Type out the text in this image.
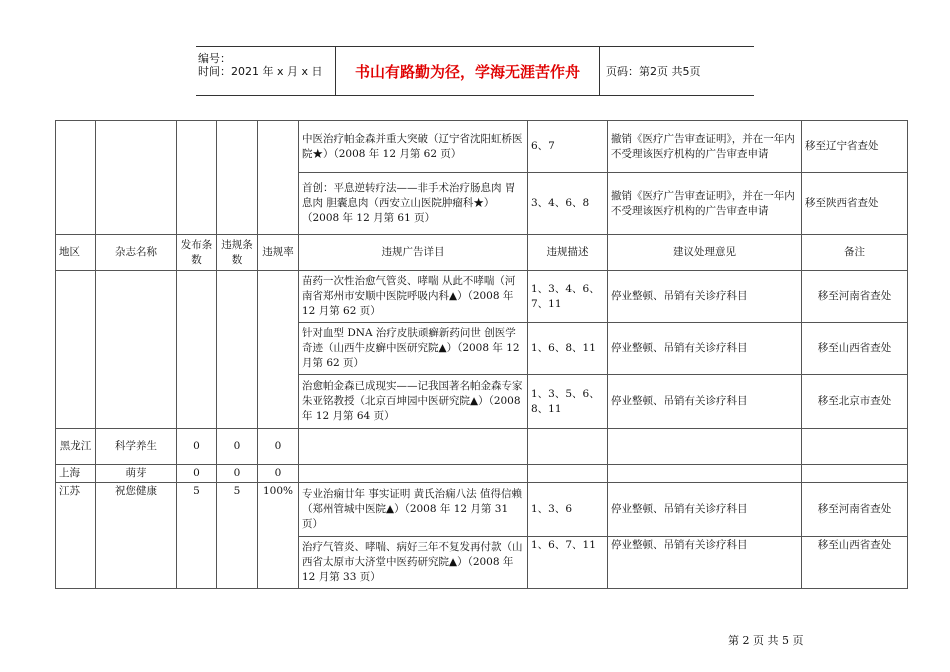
编号：
时间：2021 年 x 月 x 日	书山有路勤为径，学海无涯苦作舟	页码：第2页 共5页
					中医治疗帕金森并重大突破（辽宁省沈阳虹桥医院★）（2008 年 12 月第 62 页）	6、7	撤销《医疗广告审查证明》，并在一年内不受理该医疗机构的广告审查申请	移至辽宁省查处
					首创：平息逆转疗法——非手术治疗肠息肉 胃息肉 胆囊息肉（西安立山医院肿瘤科★）（2008 年 12 月第 61 页）	3、4、6、8	撤销《医疗广告审查证明》，并在一年内不受理该医疗机构的广告审查申请	移至陕西省查处
地区	杂志名称	发布条数	违规条数	违规率	违规广告详目	违规描述	建议处理意见	备注
					苗药一次性治愈气管炎、哮喘 从此不哮喘（河南省郑州市安顺中医院呼吸内科▲）（2008 年 12 月第 62 页）	1、3、4、6、7、11	停业整顿、吊销有关诊疗科目	移至河南省查处
					针对血型 DNA 治疗皮肤顽癣新药问世 创医学奇迹（山西牛皮癣中医研究院▲）（2008 年 12 月第 62 页）	1、6、8、11	停业整顿、吊销有关诊疗科目	移至山西省查处
					治愈帕金森已成现实——记我国著名帕金森专家朱亚铭教授（北京百坤园中医研究院▲）（2008 年 12 月第 64 页）	1、3、5、6、8、11	停业整顿、吊销有关诊疗科目	移至北京市查处
黑龙江	科学养生	0	0	0				
上海	萌芽	0	0	0				
江苏	祝您健康	5	5	100%	专业治痫廿年 事实证明 黄氏治痫八法 值得信赖（郑州管城中医院▲）（2008 年 12 月第 31 页）	1、3、6	停业整顿、吊销有关诊疗科目	移至河南省查处
					治疗气管炎、哮喘、病好三年不复发再付款（山西省太原市大济堂中医药研究院▲）（2008 年 12 月第 33 页）	1、6、7、11	停业整顿、吊销有关诊疗科目	移至山西省查处
第 2 页 共 5 页
